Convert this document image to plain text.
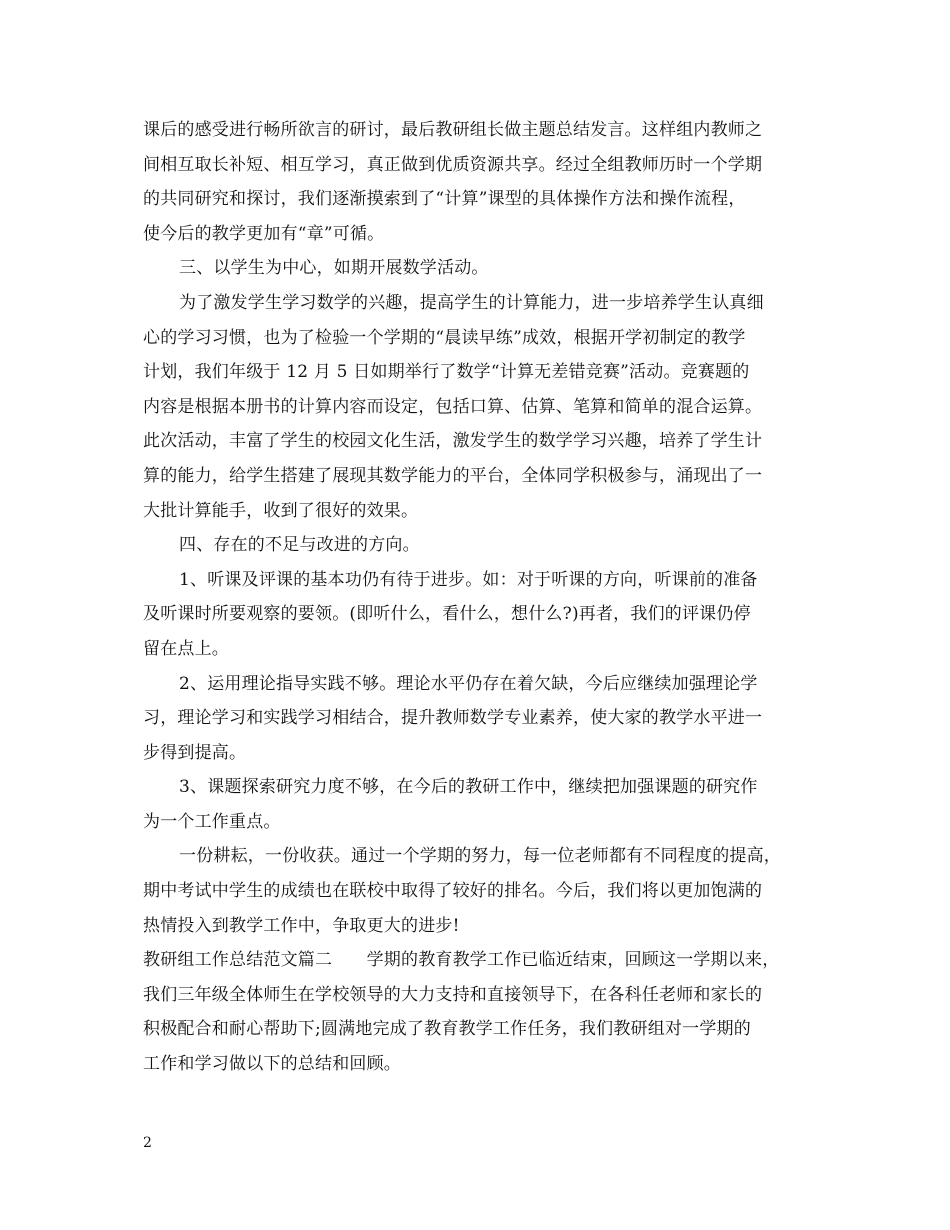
课后的感受进行畅所欲言的研讨，最后教研组长做主题总结发言。这样组内教师之
间相互取长补短、相互学习，真正做到优质资源共享。经过全组教师历时一个学期
的共同研究和探讨，我们逐渐摸索到了“计算”课型的具体操作方法和操作流程，
使今后的教学更加有“章”可循。
三、以学生为中心，如期开展数学活动。
为了激发学生学习数学的兴趣，提高学生的计算能力，进一步培养学生认真细
心的学习习惯，也为了检验一个学期的“晨读早练”成效，根据开学初制定的教学
计划，我们年级于 12 月 5 日如期举行了数学“计算无差错竞赛”活动。竞赛题的
内容是根据本册书的计算内容而设定，包括口算、估算、笔算和简单的混合运算。
此次活动，丰富了学生的校园文化生活，激发学生的数学学习兴趣，培养了学生计
算的能力，给学生搭建了展现其数学能力的平台，全体同学积极参与，涌现出了一
大批计算能手，收到了很好的效果。
四、存在的不足与改进的方向。
1、听课及评课的基本功仍有待于进步。如：对于听课的方向，听课前的准备
及听课时所要观察的要领。(即听什么，看什么，想什么?)再者，我们的评课仍停
留在点上。
2、运用理论指导实践不够。理论水平仍存在着欠缺，今后应继续加强理论学
习，理论学习和实践学习相结合，提升教师数学专业素养，使大家的教学水平进一
步得到提高。
3、课题探索研究力度不够，在今后的教研工作中，继续把加强课题的研究作
为一个工作重点。
一份耕耘，一份收获。通过一个学期的努力，每一位老师都有不同程度的提高，
期中考试中学生的成绩也在联校中取得了较好的排名。今后，我们将以更加饱满的
热情投入到教学工作中，争取更大的进步!
教研组工作总结范文篇二　　学期的教育教学工作已临近结束，回顾这一学期以来，
我们三年级全体师生在学校领导的大力支持和直接领导下，在各科任老师和家长的
积极配合和耐心帮助下;圆满地完成了教育教学工作任务，我们教研组对一学期的
工作和学习做以下的总结和回顾。
2
